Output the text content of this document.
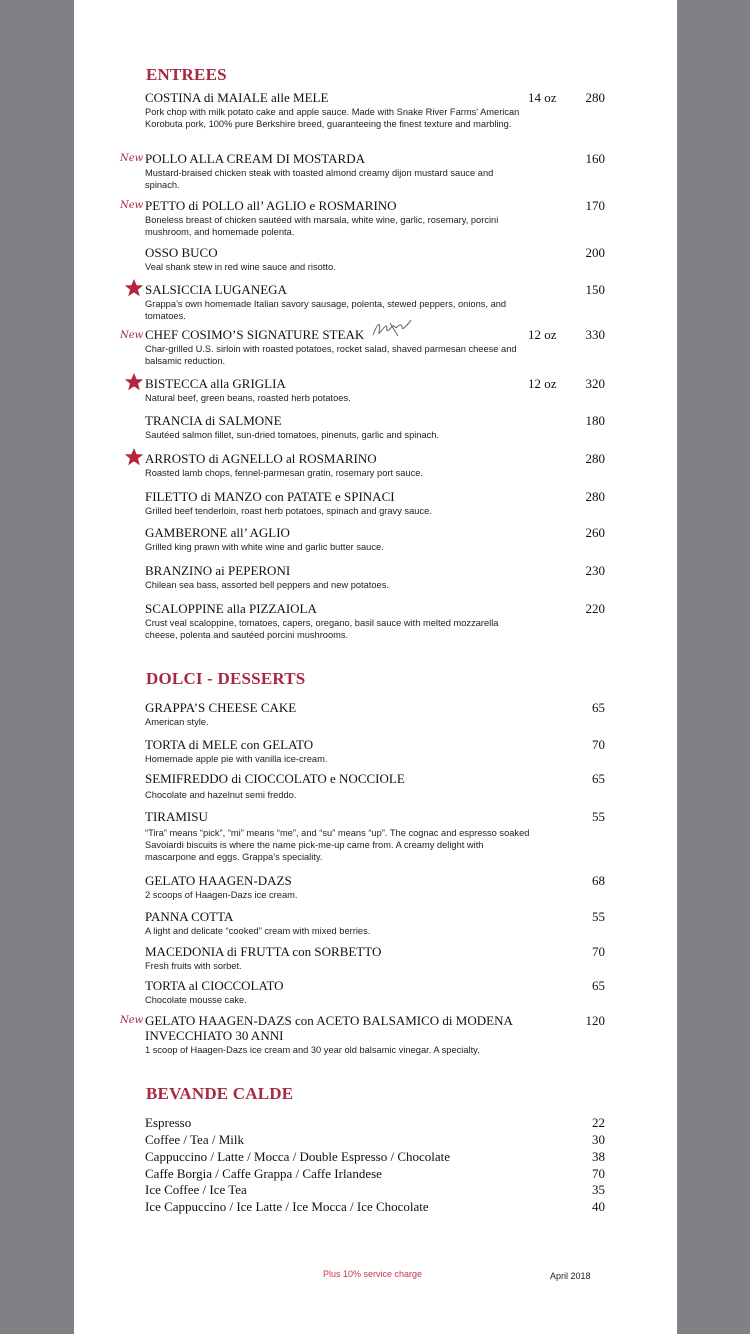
ENTREES
COSTINA di MAIALE alle MELE
Pork chop with milk potato cake and apple sauce. Made with Snake River Farms' American Korobuta pork, 100% pure Berkshire breed, guaranteeing the finest texture and marbling.
14 oz	280
New POLLO ALLA CREAM DI MOSTARDA
Mustard-braised chicken steak with toasted almond creamy dijon mustard sauce and spinach.
160
New PETTO di POLLO all’ AGLIO e ROSMARINO
Boneless breast of chicken sautéed with marsala, white wine, garlic, rosemary, porcini mushroom, and homemade polenta.
170
OSSO BUCO
Veal shank stew in red wine sauce and risotto.
200
SALSICCIA LUGANEGA
Grappa’s own homemade Italian savory sausage, polenta, stewed peppers, onions, and tomatoes.
150
New CHEF COSIMO’S SIGNATURE STEAK
Char-grilled U.S. sirloin with roasted potatoes, rocket salad, shaved parmesan cheese and balsamic reduction.
12 oz	330
BISTECCA alla GRIGLIA
Natural beef, green beans, roasted herb potatoes.
12 oz	320
TRANCIA di SALMONE
Sautéed salmon fillet, sun-dried tomatoes, pinenuts, garlic and spinach.
180
ARROSTO di AGNELLO al ROSMARINO
Roasted lamb chops, fennel-parmesan gratin, rosemary port sauce.
280
FILETTO di MANZO con PATATE e SPINACI
Grilled beef tenderloin, roast herb potatoes, spinach and gravy sauce.
280
GAMBERONE all’ AGLIO
Grilled king prawn with white wine and garlic butter sauce.
260
BRANZINO ai PEPERONI
Chilean sea bass, assorted bell peppers and new potatoes.
230
SCALOPPINE alla PIZZAIOLA
Crust veal scaloppine, tomatoes, capers, oregano, basil sauce with melted mozzarella cheese, polenta and sautéed porcini mushrooms.
220
DOLCI - DESSERTS
GRAPPA’S CHEESE CAKE
American style.
65
TORTA di MELE con GELATO
Homemade apple pie with vanilla ice-cream.
70
SEMIFREDDO di CIOCCOLATO e NOCCIOLE
Chocolate and hazelnut semi freddo.
65
TIRAMISU
“Tira” means “pick”, “mi” means “me”, and “su” means “up”. The cognac and espresso soaked Savoiardi biscuits is where the name pick-me-up came from. A creamy delight with mascarpone and eggs. Grappa’s speciality.
55
GELATO HAAGEN-DAZS
2 scoops of Haagen-Dazs ice cream.
68
PANNA COTTA
A light and delicate “cooked” cream with mixed berries.
55
MACEDONIA di FRUTTA con SORBETTO
Fresh fruits with sorbet.
70
TORTA al CIOCCOLATO
Chocolate mousse cake.
65
New GELATO HAAGEN-DAZS con ACETO BALSAMICO di MODENA INVECCHIATO 30 ANNI
1 scoop of Haagen-Dazs ice cream and 30 year old balsamic vinegar. A specialty.
120
BEVANDE CALDE
Espresso	22
Coffee / Tea / Milk	30
Cappuccino / Latte / Mocca / Double Espresso / Chocolate	38
Caffe Borgia / Caffe Grappa / Caffe Irlandese	70
Ice Coffee / Ice Tea	35
Ice Cappuccino / Ice Latte / Ice Mocca / Ice Chocolate	40
Plus 10% service charge	April 2018
